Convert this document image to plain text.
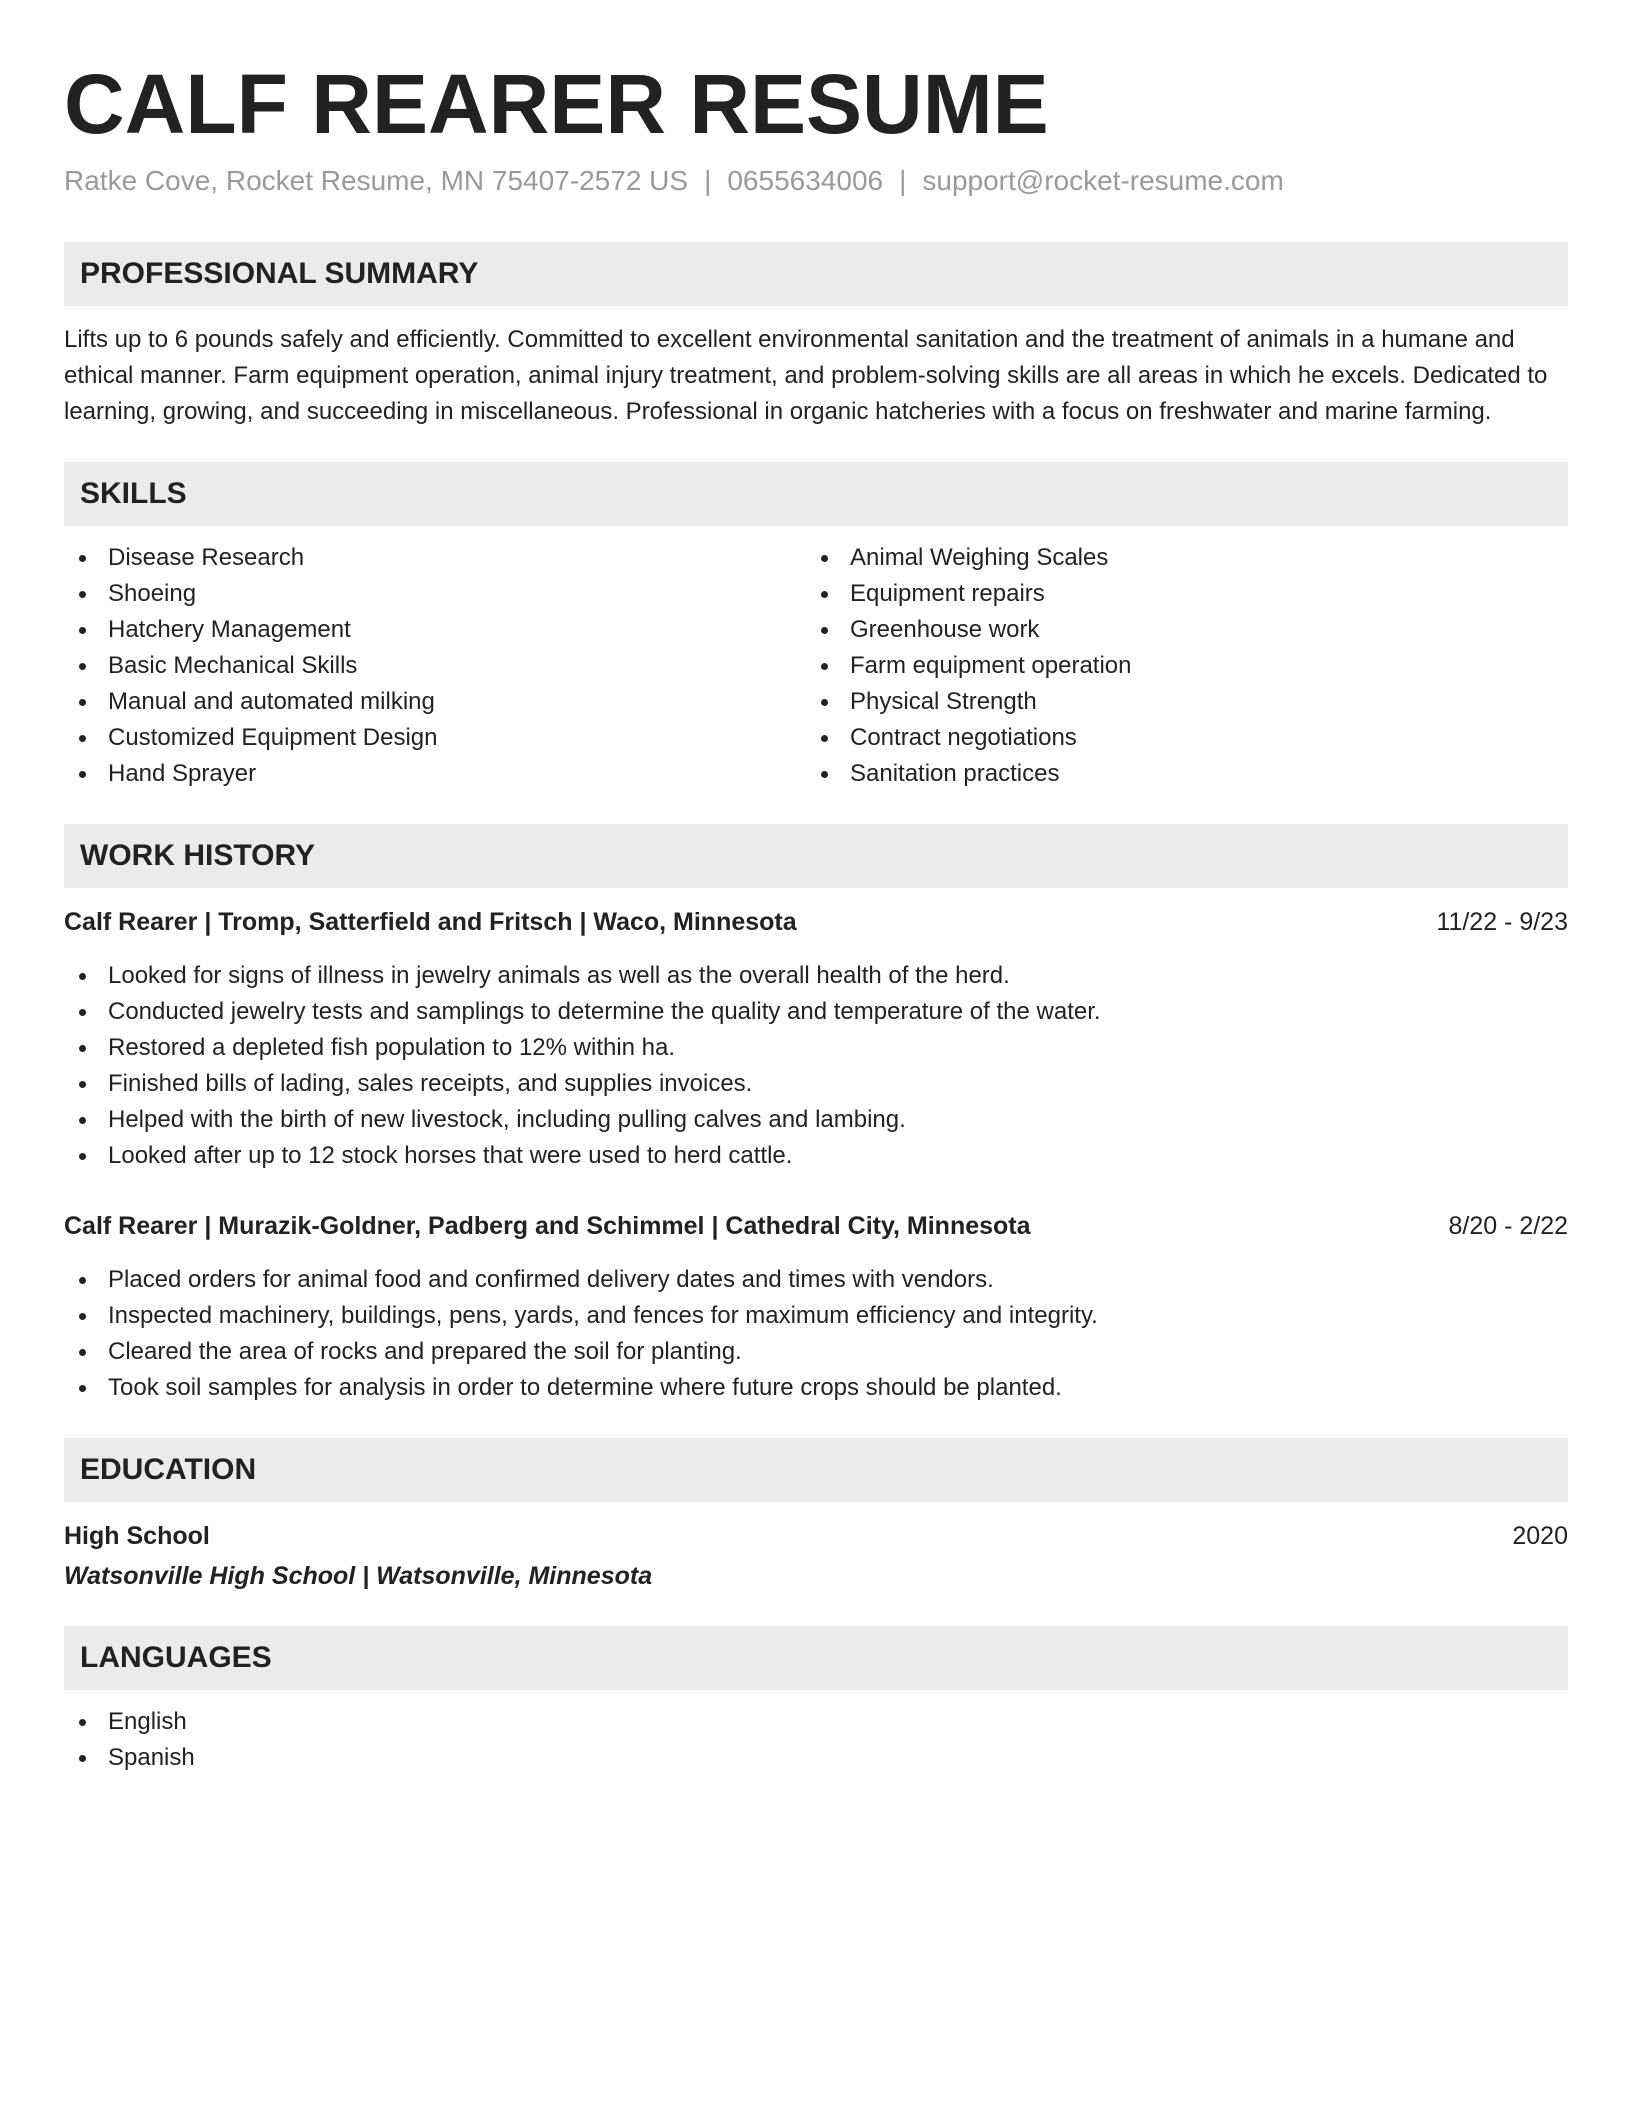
CALF REARER RESUME
Ratke Cove, Rocket Resume, MN 75407-2572 US | 0655634006 | support@rocket-resume.com
PROFESSIONAL SUMMARY
Lifts up to 6 pounds safely and efficiently. Committed to excellent environmental sanitation and the treatment of animals in a humane and ethical manner. Farm equipment operation, animal injury treatment, and problem-solving skills are all areas in which he excels. Dedicated to learning, growing, and succeeding in miscellaneous. Professional in organic hatcheries with a focus on freshwater and marine farming.
SKILLS
Disease Research
Shoeing
Hatchery Management
Basic Mechanical Skills
Manual and automated milking
Customized Equipment Design
Hand Sprayer
Animal Weighing Scales
Equipment repairs
Greenhouse work
Farm equipment operation
Physical Strength
Contract negotiations
Sanitation practices
WORK HISTORY
Calf Rearer | Tromp, Satterfield and Fritsch | Waco, Minnesota	11/22 - 9/23
Looked for signs of illness in jewelry animals as well as the overall health of the herd.
Conducted jewelry tests and samplings to determine the quality and temperature of the water.
Restored a depleted fish population to 12% within ha.
Finished bills of lading, sales receipts, and supplies invoices.
Helped with the birth of new livestock, including pulling calves and lambing.
Looked after up to 12 stock horses that were used to herd cattle.
Calf Rearer | Murazik-Goldner, Padberg and Schimmel | Cathedral City, Minnesota	8/20 - 2/22
Placed orders for animal food and confirmed delivery dates and times with vendors.
Inspected machinery, buildings, pens, yards, and fences for maximum efficiency and integrity.
Cleared the area of rocks and prepared the soil for planting.
Took soil samples for analysis in order to determine where future crops should be planted.
EDUCATION
High School	2020
Watsonville High School | Watsonville, Minnesota
LANGUAGES
English
Spanish
